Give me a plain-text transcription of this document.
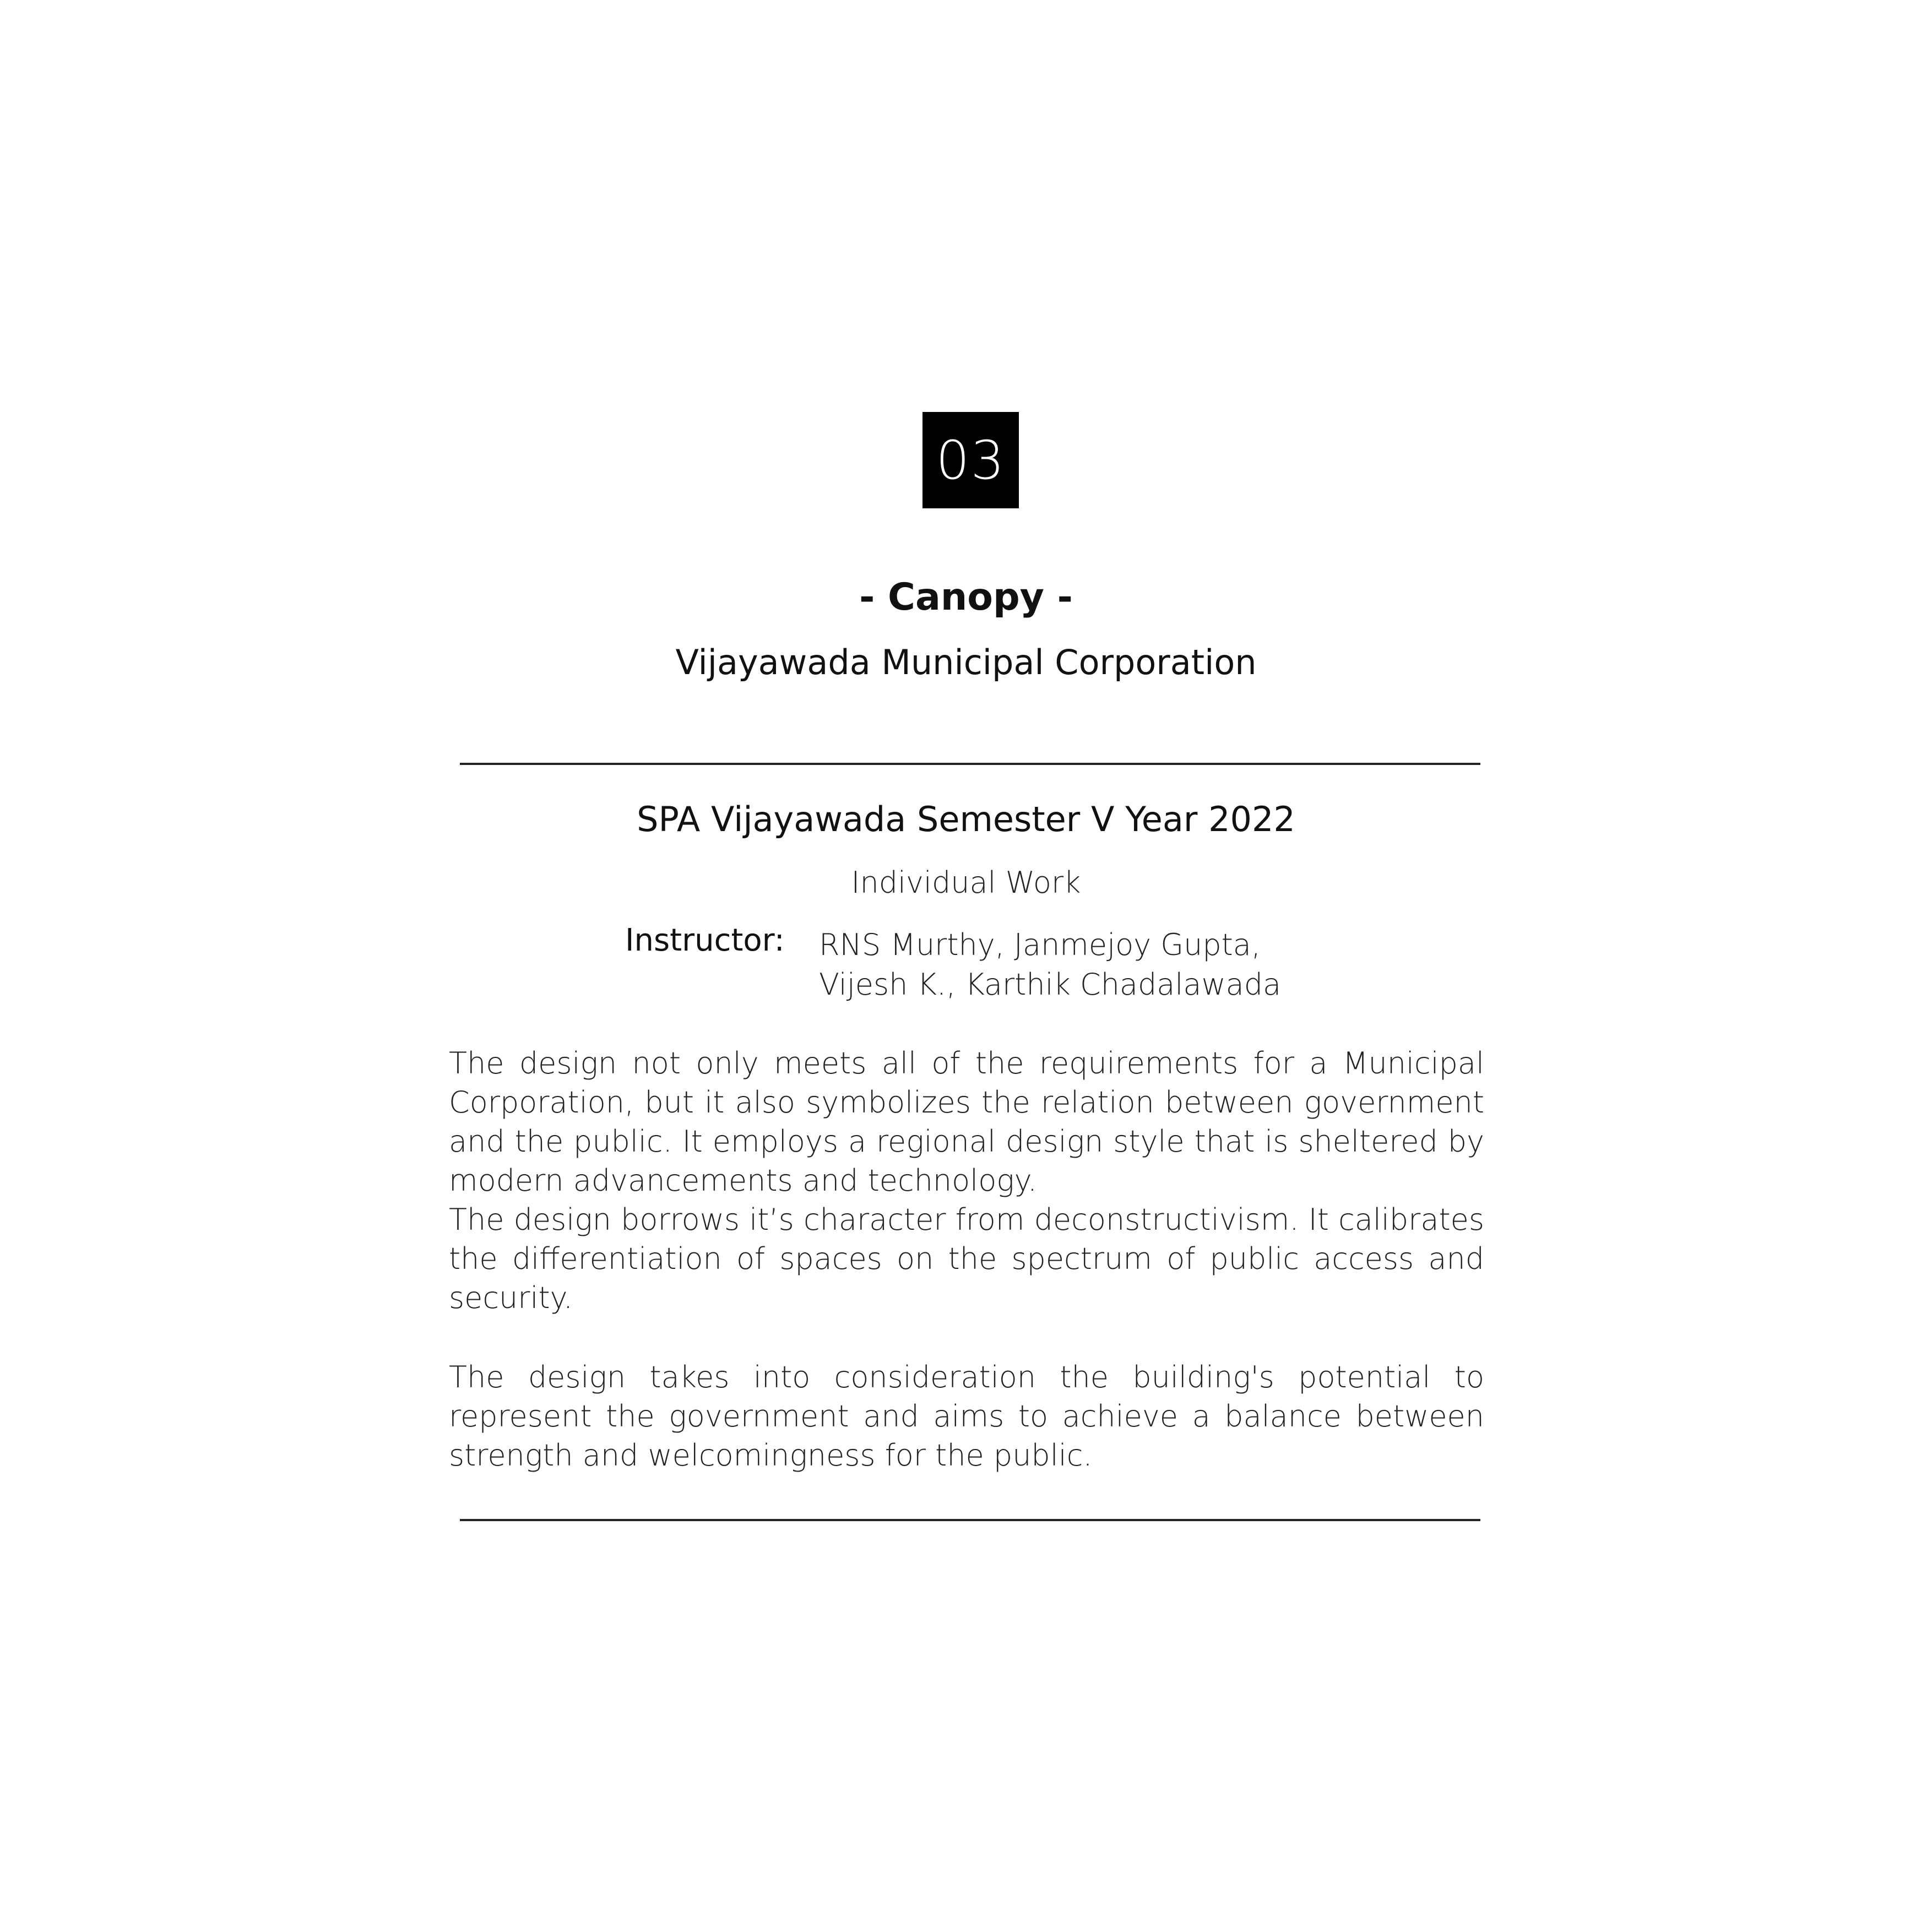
03
- Canopy -
Vijayawada Municipal Corporation
SPA Vijayawada Semester V Year 2022
Individual Work
Instructor: RNS Murthy, Janmejoy Gupta,
Vijesh K., Karthik Chadalawada

The design not only meets all of the requirements for a Municipal Corporation, but it also symbolizes the relation between government and the public. It employs a regional design style that is sheltered by modern advancements and technology.

The design borrows it’s character from deconstructivism. It calibrates the differentiation of spaces on the spectrum of public access and security.

The design takes into consideration the building's potential to represent the government and aims to achieve a balance between strength and welcomingness for the public.
